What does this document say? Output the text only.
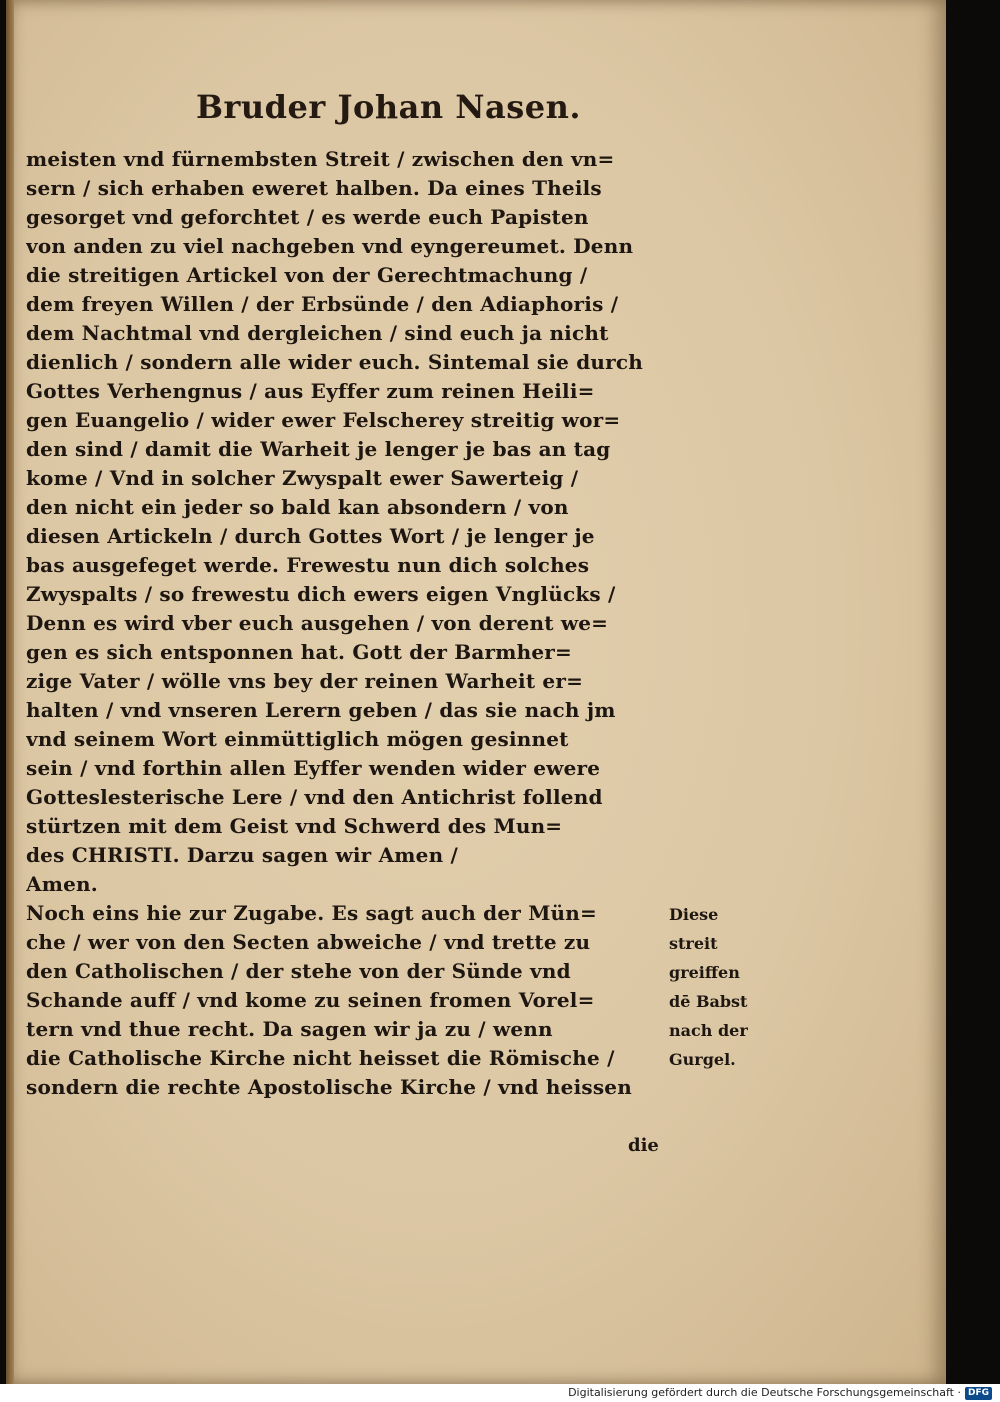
Bruder Johan Nasen.
meisten vnd fürnembsten Streit / zwischen den vn=
sern / sich erhaben eweret halben. Da eines Theils
gesorget vnd geforchtet / es werde euch Papisten
von anden zu viel nachgeben vnd eyngereumet. Denn
die streitigen Artickel von der Gerechtmachung /
dem freyen Willen / der Erbsünde / den Adiaphoris /
dem Nachtmal vnd dergleichen / sind euch ja nicht
dienlich / sondern alle wider euch. Sintemal sie durch
Gottes Verhengnus / aus Eyffer zum reinen Heili=
gen Euangelio / wider ewer Felscherey streitig wor=
den sind / damit die Warheit je lenger je bas an tag
kome / Vnd in solcher Zwyspalt ewer Sawerteig /
den nicht ein jeder so bald kan absondern / von
diesen Artickeln / durch Gottes Wort / je lenger je
bas ausgefeget werde. Frewestu nun dich solches
Zwyspalts / so frewestu dich ewers eigen Vnglücks /
Denn es wird vber euch ausgehen / von derent we=
gen es sich entsponnen hat. Gott der Barmher=
zige Vater / wölle vns bey der reinen Warheit er=
halten / vnd vnseren Lerern geben / das sie nach jm
vnd seinem Wort einmüttiglich mögen gesinnet
sein / vnd forthin allen Eyffer wenden wider ewere
Gotteslesterische Lere / vnd den Antichrist follend
stürtzen mit dem Geist vnd Schwerd des Mun=
des CHRISTI. Darzu sagen wir Amen /
Amen.
Noch eins hie zur Zugabe. Es sagt auch der Mün=
che / wer von den Secten abweiche / vnd trette zu
den Catholischen / der stehe von der Sünde vnd
Schande auff / vnd kome zu seinen fromen Vorel=
tern vnd thue recht. Da sagen wir ja zu / wenn
die Catholische Kirche nicht heisset die Römische /
sondern die rechte Apostolische Kirche / vnd heissen
Diese
streit
greiffen
dē Babst
nach der
Gurgel.
die
Digitalisierung gefördert durch die Deutsche Forschungsgemeinschaft · DFG
